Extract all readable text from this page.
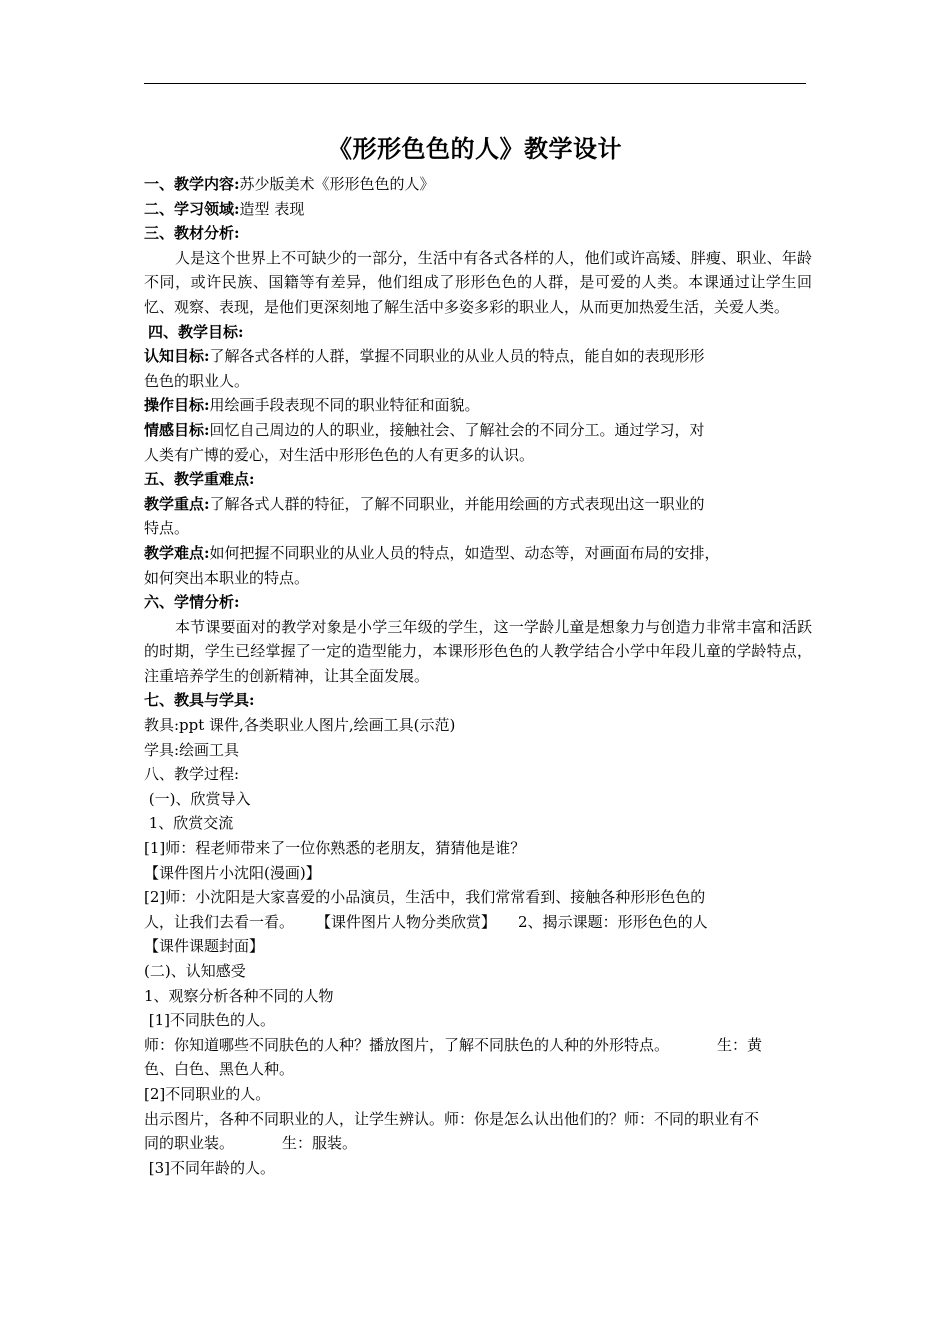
《形形色色的人》教学设计
一、教学内容:苏少版美术《形形色色的人》
二、学习领域:造型 表现
三、教材分析:

人是这个世界上不可缺少的一部分，生活中有各式各样的人，他们或许高矮、胖瘦、职业、年龄不同，或许民族、国籍等有差异，他们组成了形形色色的人群，是可爱的人类。本课通过让学生回忆、观察、表现，是他们更深刻地了解生活中多姿多彩的职业人，从而更加热爱生活，关爱人类。

四、教学目标:
认知目标:了解各式各样的人群，掌握不同职业的从业人员的特点，能自如的表现形形
色色的职业人。
操作目标:用绘画手段表现不同的职业特征和面貌。
情感目标:回忆自己周边的人的职业，接触社会、了解社会的不同分工。通过学习，对
人类有广博的爱心，对生活中形形色色的人有更多的认识。
五、教学重难点:
教学重点:了解各式人群的特征，了解不同职业，并能用绘画的方式表现出这一职业的
特点。
教学难点:如何把握不同职业的从业人员的特点，如造型、动态等，对画面布局的安排，
如何突出本职业的特点。
六、学情分析:

本节课要面对的教学对象是小学三年级的学生，这一学龄儿童是想象力与创造力非常丰富和活跃的时期，学生已经掌握了一定的造型能力，本课形形色色的人教学结合小学中年段儿童的学龄特点，注重培养学生的创新精神，让其全面发展。

七、教具与学具:
教具:ppt 课件,各类职业人图片,绘画工具(示范)
学具:绘画工具
八、教学过程:
(一)、欣赏导入
1、欣赏交流
[1]师：程老师带来了一位你熟悉的老朋友，猜猜他是谁？
【课件图片小沈阳(漫画)】
[2]师：小沈阳是大家喜爱的小品演员，生活中，我们常常看到、接触各种形形色色的
人，让我们去看一看。 【课件图片人物分类欣赏】 2、揭示课题：形形色色的人
【课件课题封面】
(二)、认知感受
1、观察分析各种不同的人物
[1]不同肤色的人。
师：你知道哪些不同肤色的人种？播放图片，了解不同肤色的人种的外形特点。	生：黄
色、白色、黑色人种。
[2]不同职业的人。
出示图片，各种不同职业的人，让学生辨认。师：你是怎么认出他们的？师：不同的职业有不
同的职业装。	生：服装。
[3]不同年龄的人。
